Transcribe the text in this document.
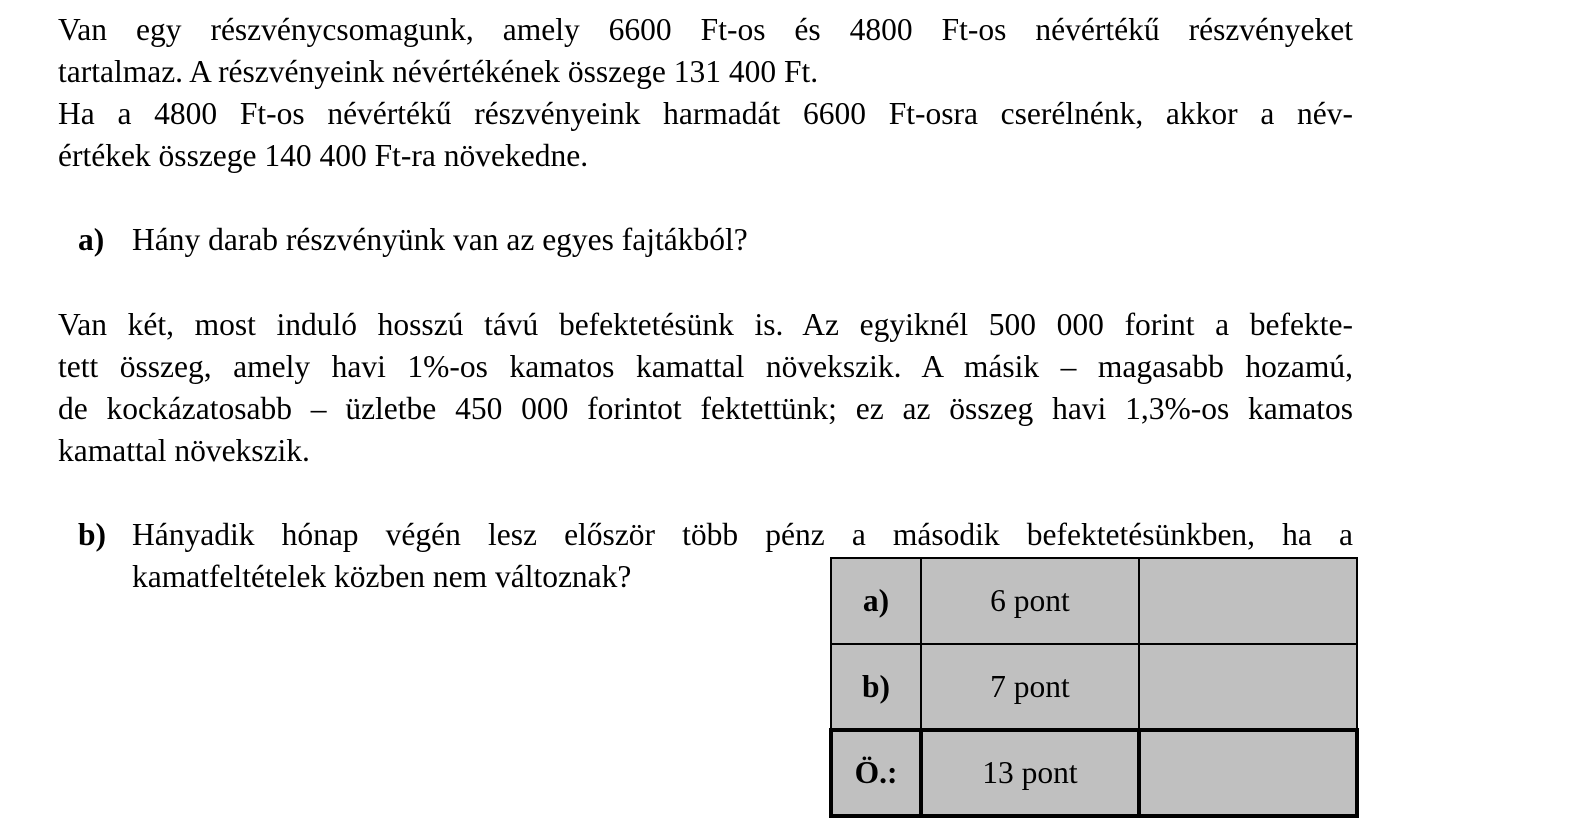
Van egy részvénycsomagunk, amely 6600 Ft-os és 4800 Ft-os névértékű részvényeket
tartalmaz. A részvényeink névértékének összege 131 400 Ft.
Ha a 4800 Ft-os névértékű részvényeink harmadát 6600 Ft-osra cserélnénk, akkor a név-
értékek összege 140 400 Ft-ra növekedne.
a) Hány darab részvényünk van az egyes fajtákból?
Van két, most induló hosszú távú befektetésünk is. Az egyiknél 500 000 forint a befekte-
tett összeg, amely havi 1%-os kamatos kamattal növekszik. A másik – magasabb hozamú,
de kockázatosabb – üzletbe 450 000 forintot fektettünk; ez az összeg havi 1,3%-os kamatos
kamattal növekszik.
b) Hányadik hónap végén lesz először több pénz a második befektetésünkben, ha a
kamatfeltételek közben nem változnak?
a)	6 pont	
b)	7 pont	
Ö.:	13 pont	
